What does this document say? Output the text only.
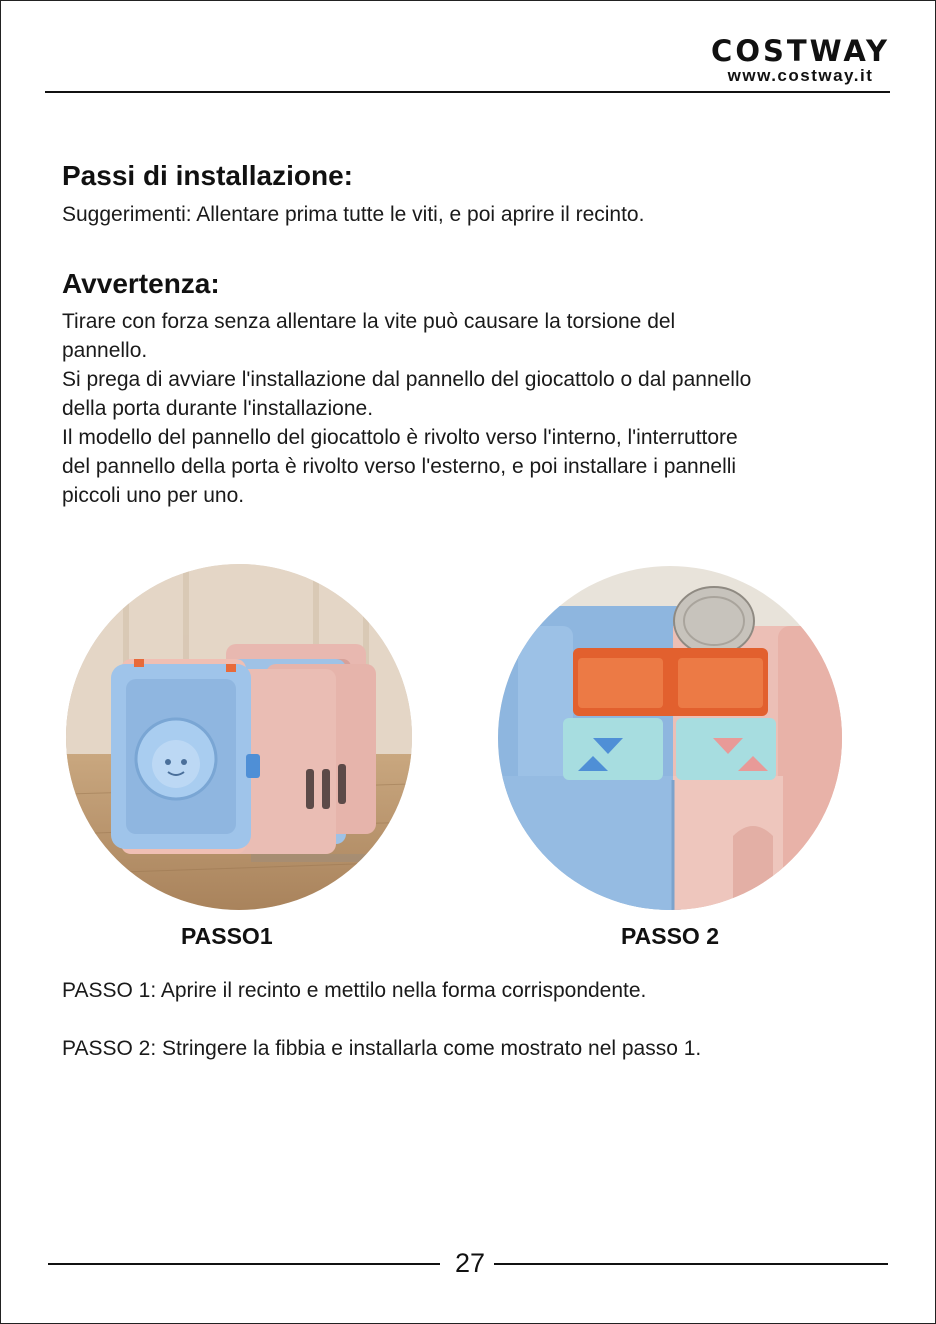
COSTWAY
www.costway.it
Passi di installazione:

Suggerimenti: Allentare prima tutte le viti, e poi aprire il recinto.

Avvertenza:
Tirare con forza senza allentare la vite può causare la torsione del
pannello.
Si prega di avviare l'installazione dal pannello del giocattolo o dal pannello
della porta durante l'installazione.
Il modello del pannello del giocattolo è rivolto verso l'interno, l'interruttore
del pannello della porta è rivolto verso l'esterno, e poi installare i pannelli
piccoli uno per uno.
PASSO1	PASSO 2
PASSO 1: Aprire il recinto e mettilo nella forma corrispondente.
PASSO 2: Stringere la fibbia e installarla come mostrato nel passo 1.
27
